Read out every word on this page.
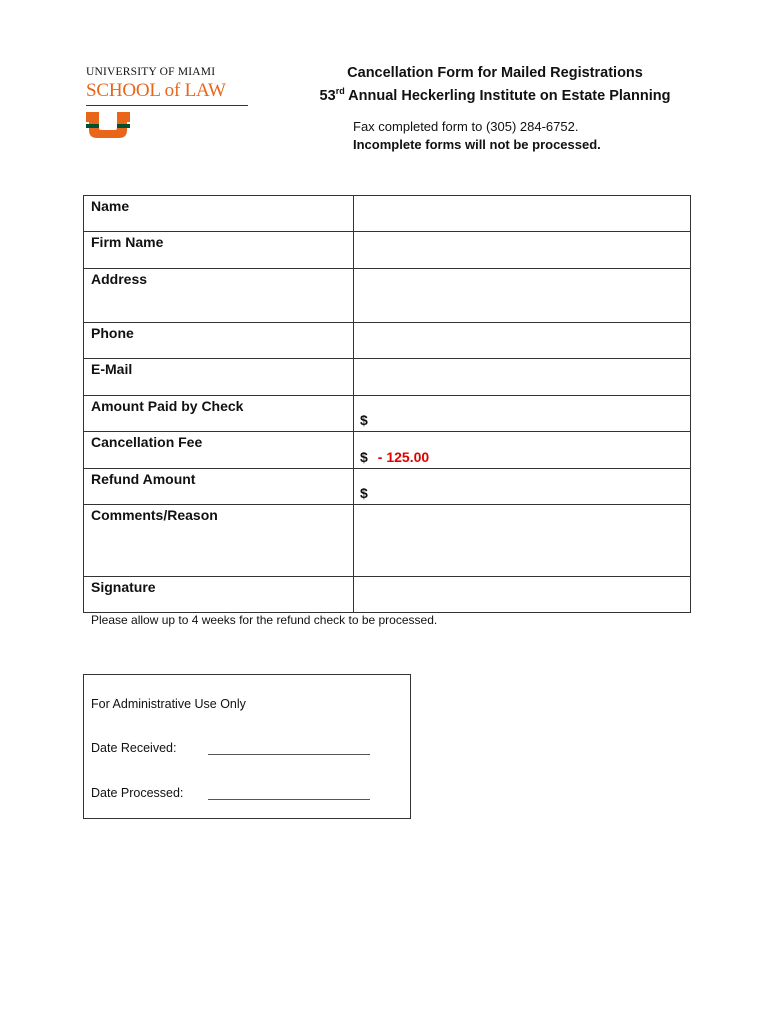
UNIVERSITY OF MIAMI
SCHOOL of LAW
Cancellation Form for Mailed Registrations
53rd Annual Heckerling Institute on Estate Planning
Fax completed form to (305) 284-6752.
Incomplete forms will not be processed.
Name	
Firm Name	
Address	
Phone	
E-Mail	
Amount Paid by Check	$

Cancellation Fee	$ - 125.00

Refund Amount	$

Comments/Reason	
Signature	
Please allow up to 4 weeks for the refund check to be processed.
For Administrative Use Only
Date Received:
Date Processed:
